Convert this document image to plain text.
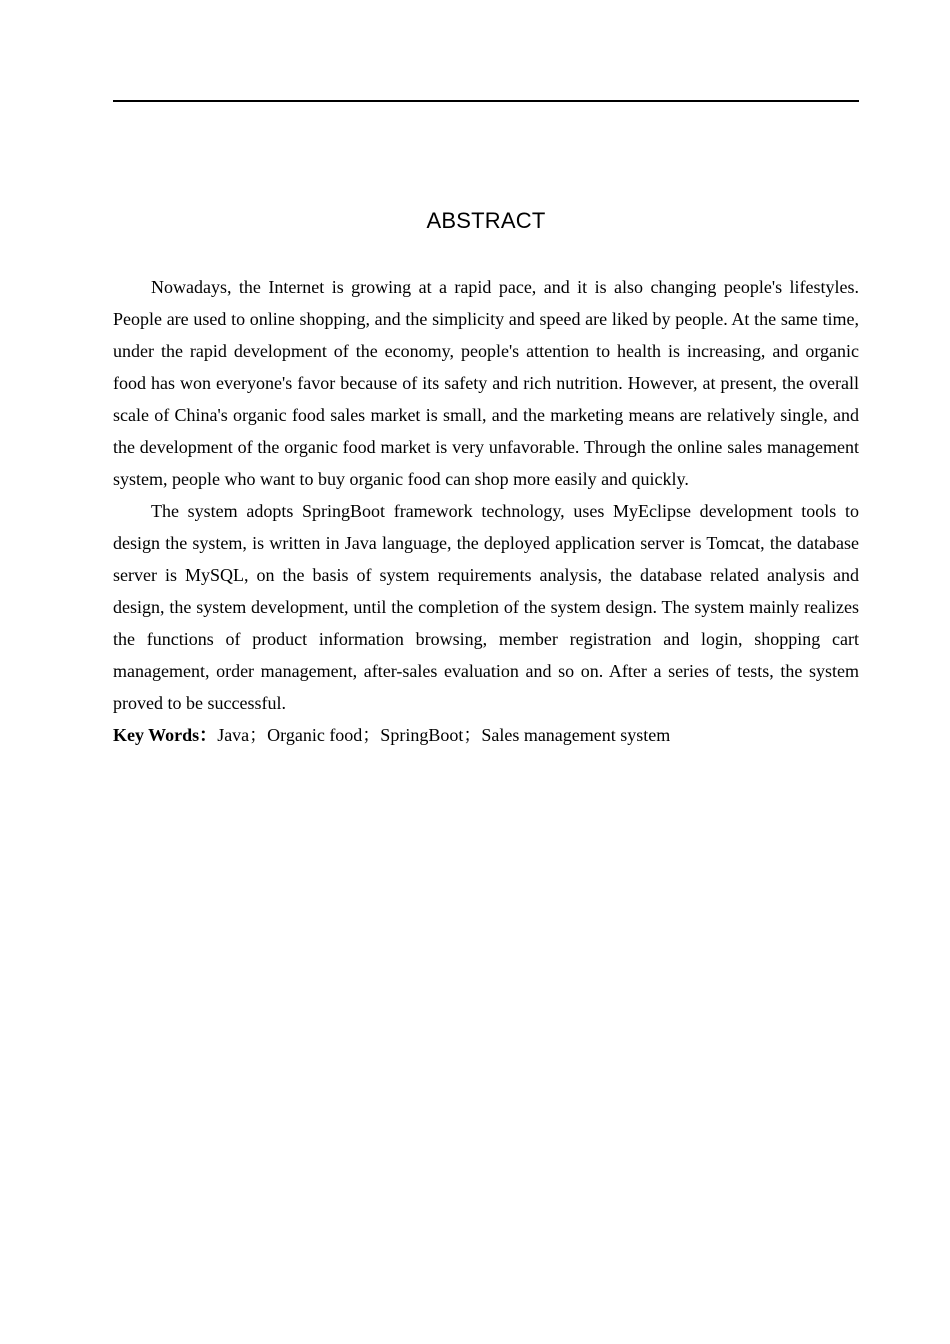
ABSTRACT

Nowadays, the Internet is growing at a rapid pace, and it is also changing people's lifestyles. People are used to online shopping, and the simplicity and speed are liked by people. At the same time, under the rapid development of the economy, people's attention to health is increasing, and organic food has won everyone's favor because of its safety and rich nutrition. However, at present, the overall scale of China's organic food sales market is small, and the marketing means are relatively single, and the development of the organic food market is very unfavorable. Through the online sales management system, people who want to buy organic food can shop more easily and quickly.

The system adopts SpringBoot framework technology, uses MyEclipse development tools to design the system, is written in Java language, the deployed application server is Tomcat, the database server is MySQL, on the basis of system requirements analysis, the database related analysis and design, the system development, until the completion of the system design. The system mainly realizes the functions of product information browsing, member registration and login, shopping cart management, order management, after-sales evaluation and so on. After a series of tests, the system proved to be successful.

Key Words：Java；Organic food；SpringBoot；Sales management system
